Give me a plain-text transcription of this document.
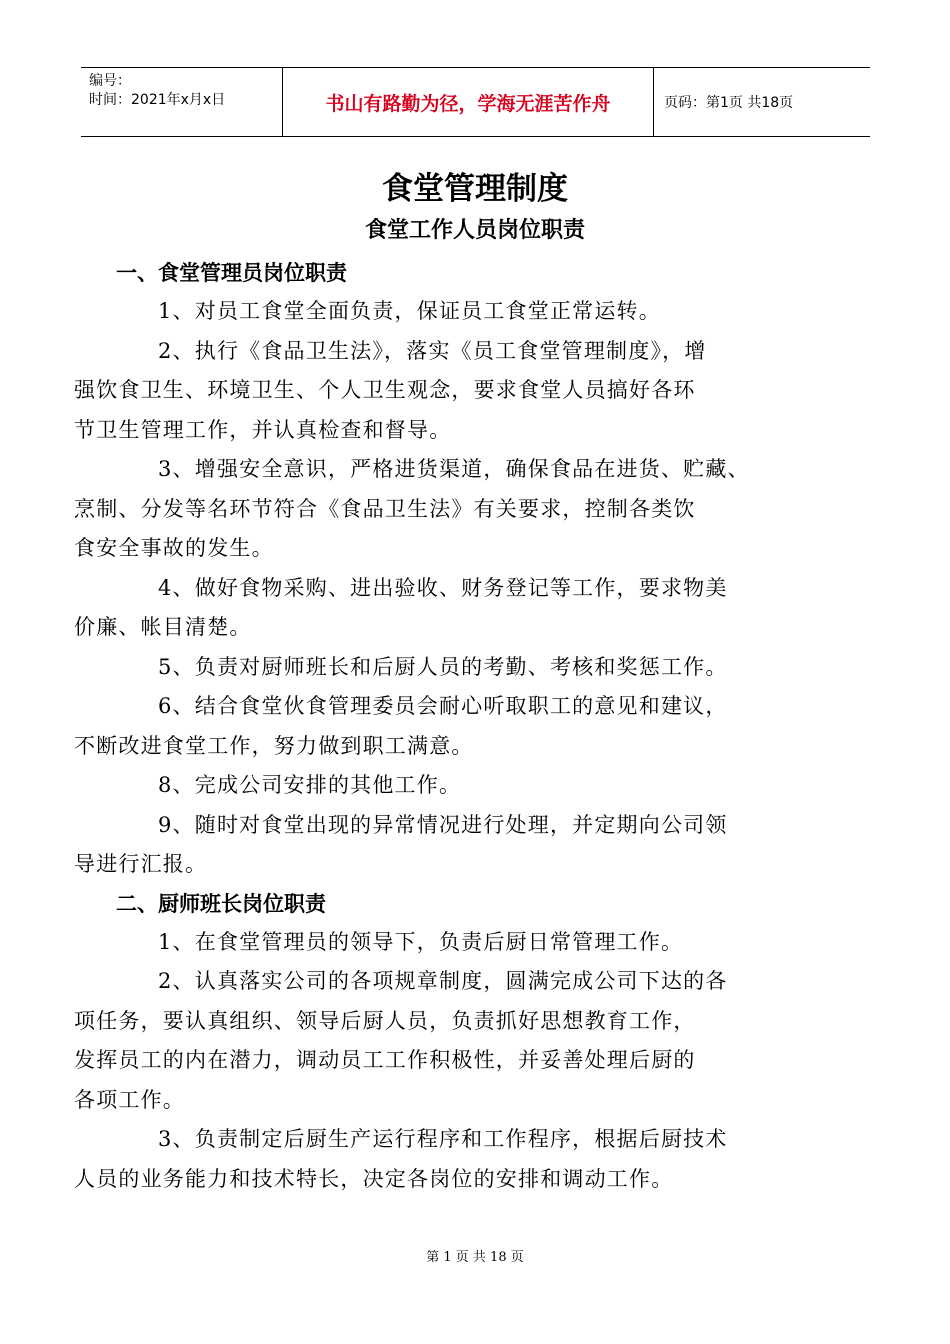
编号：
时间：2021年x月x日	书山有路勤为径，学海无涯苦作舟	页码：第1页 共18页
食堂管理制度
食堂工作人员岗位职责
一、食堂管理员岗位职责

1、对员工食堂全面负责，保证员工食堂正常运转。

2、执行《食品卫生法》，落实《员工食堂管理制度》，增
强饮食卫生、环境卫生、个人卫生观念，要求食堂人员搞好各环
节卫生管理工作，并认真检查和督导。

3、增强安全意识，严格进货渠道，确保食品在进货、贮藏、
烹制、分发等名环节符合《食品卫生法》有关要求，控制各类饮
食安全事故的发生。

4、做好食物采购、进出验收、财务登记等工作，要求物美
价廉、帐目清楚。

5、负责对厨师班长和后厨人员的考勤、考核和奖惩工作。

6、结合食堂伙食管理委员会耐心听取职工的意见和建议，
不断改进食堂工作，努力做到职工满意。

8、完成公司安排的其他工作。

9、随时对食堂出现的异常情况进行处理，并定期向公司领
导进行汇报。

二、厨师班长岗位职责

1、在食堂管理员的领导下，负责后厨日常管理工作。

2、认真落实公司的各项规章制度，圆满完成公司下达的各
项任务，要认真组织、领导后厨人员，负责抓好思想教育工作，
发挥员工的内在潜力，调动员工工作积极性，并妥善处理后厨的
各项工作。

3、负责制定后厨生产运行程序和工作程序，根据后厨技术
人员的业务能力和技术特长，决定各岗位的安排和调动工作。

第 1 页 共 18 页
